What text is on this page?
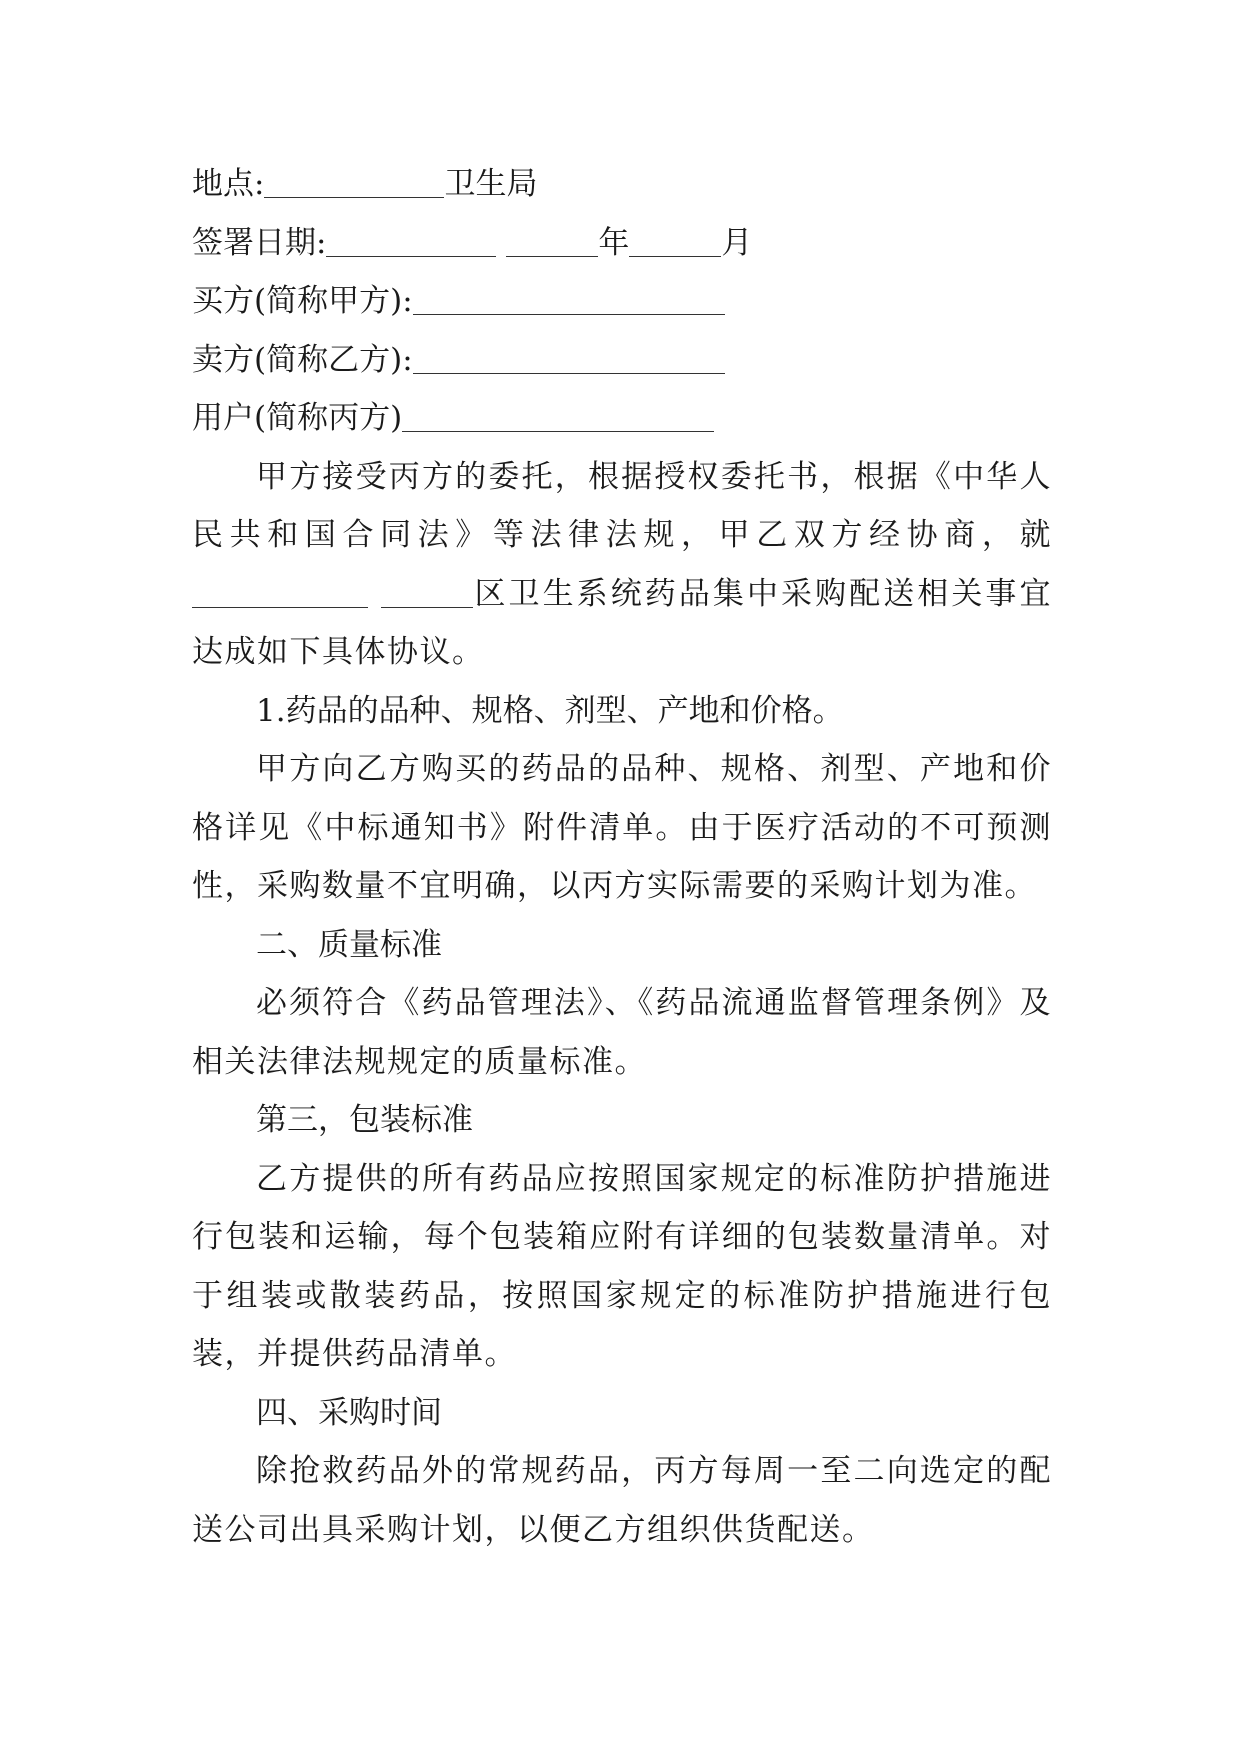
地点:	卫生局

签署日期:	年	月

买方(简称甲方):

卖方(简称乙方):

用户(简称丙方)

甲方接受丙方的委托，根据授权委托书，根据《中华人民共和国合同法》等法律法规，甲乙双方经协商，就 区卫生系统药品集中采购配送相关事宜达成如下具体协议。

1.药品的品种、规格、剂型、产地和价格。

甲方向乙方购买的药品的品种、规格、剂型、产地和价格详见《中标通知书》附件清单。由于医疗活动的不可预测性，采购数量不宜明确，以丙方实际需要的采购计划为准。

二、质量标准

必须符合《药品管理法》、《药品流通监督管理条例》及相关法律法规规定的质量标准。

第三，包装标准

乙方提供的所有药品应按照国家规定的标准防护措施进行包装和运输，每个包装箱应附有详细的包装数量清单。对于组装或散装药品，按照国家规定的标准防护措施进行包装，并提供药品清单。

四、采购时间

除抢救药品外的常规药品，丙方每周一至二向选定的配送公司出具采购计划，以便乙方组织供货配送。
